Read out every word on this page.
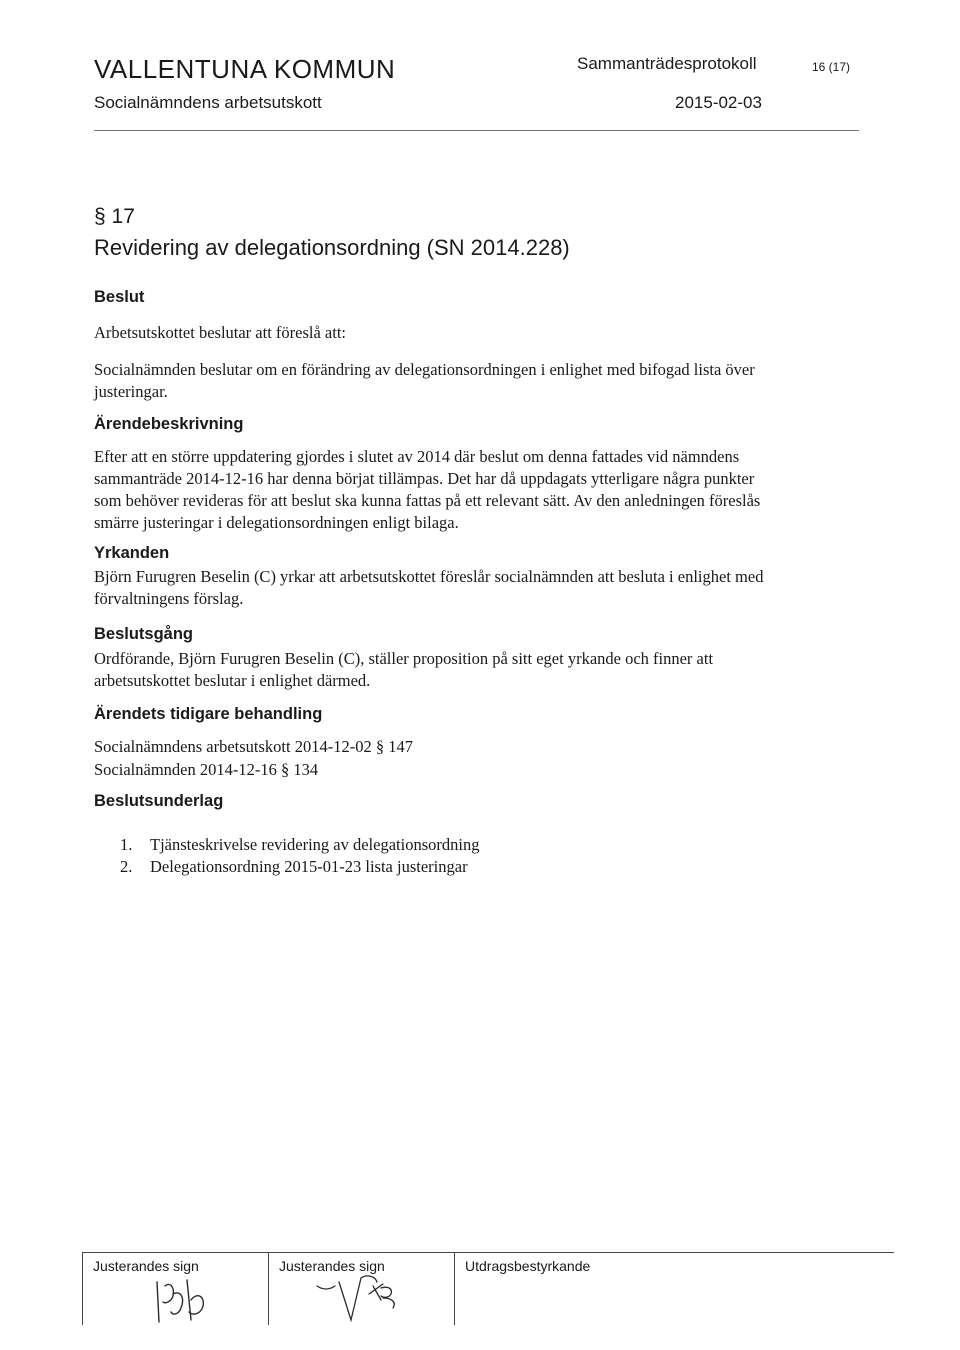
VALLENTUNA KOMMUN	Sammanträdesprotokoll	16 (17)
Socialnämndens arbetsutskott	2015-02-03
§ 17
Revidering av delegationsordning (SN 2014.228)
Beslut

Arbetsutskottet beslutar att föreslå att:

Socialnämnden beslutar om en förändring av delegationsordningen i enlighet med bifogad lista över

justeringar.

Ärendebeskrivning

Efter att en större uppdatering gjordes i slutet av 2014 där beslut om denna fattades vid nämndens

sammanträde 2014-12-16 har denna börjat tillämpas. Det har då uppdagats ytterligare några punkter

som behöver revideras för att beslut ska kunna fattas på ett relevant sätt. Av den anledningen föreslås

smärre justeringar i delegationsordningen enligt bilaga.

Yrkanden

Björn Furugren Beselin (C) yrkar att arbetsutskottet föreslår socialnämnden att besluta i enlighet med

förvaltningens förslag.

Beslutsgång

Ordförande, Björn Furugren Beselin (C), ställer proposition på sitt eget yrkande och finner att

arbetsutskottet beslutar i enlighet därmed.

Ärendets tidigare behandling

Socialnämndens arbetsutskott 2014-12-02 § 147

Socialnämnden 2014-12-16 § 134

Beslutsunderlag
1.	Tjänsteskrivelse revidering av delegationsordning
2.	Delegationsordning 2015-01-23 lista justeringar
Justerandes sign	Justerandes sign	Utdragsbestyrkande
